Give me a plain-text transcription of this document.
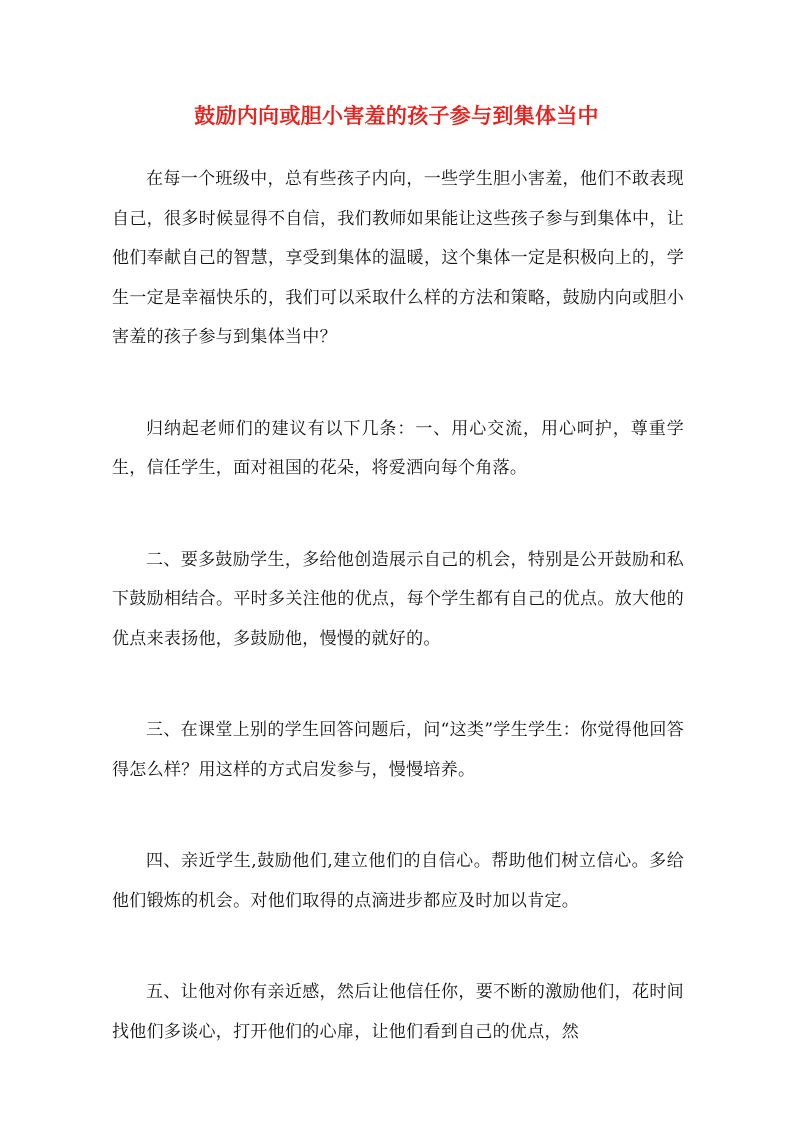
鼓励内向或胆小害羞的孩子参与到集体当中

在每一个班级中，总有些孩子内向，一些学生胆小害羞，他们不敢表现自己，很多时候显得不自信，我们教师如果能让这些孩子参与到集体中，让他们奉献自己的智慧，享受到集体的温暖，这个集体一定是积极向上的，学生一定是幸福快乐的，我们可以采取什么样的方法和策略，鼓励内向或胆小害羞的孩子参与到集体当中？

归纳起老师们的建议有以下几条：一、用心交流，用心呵护，尊重学生，信任学生，面对祖国的花朵，将爱洒向每个角落。

二、要多鼓励学生，多给他创造展示自己的机会，特别是公开鼓励和私下鼓励相结合。平时多关注他的优点，每个学生都有自己的优点。放大他的优点来表扬他，多鼓励他，慢慢的就好的。

三、在课堂上别的学生回答问题后，问“这类”学生学生：你觉得他回答得怎么样？用这样的方式启发参与，慢慢培养。

四、亲近学生,鼓励他们,建立他们的自信心。帮助他们树立信心。多给他们锻炼的机会。对他们取得的点滴进步都应及时加以肯定。

五、让他对你有亲近感，然后让他信任你，要不断的激励他们，花时间找他们多谈心，打开他们的心扉，让他们看到自己的优点，然
